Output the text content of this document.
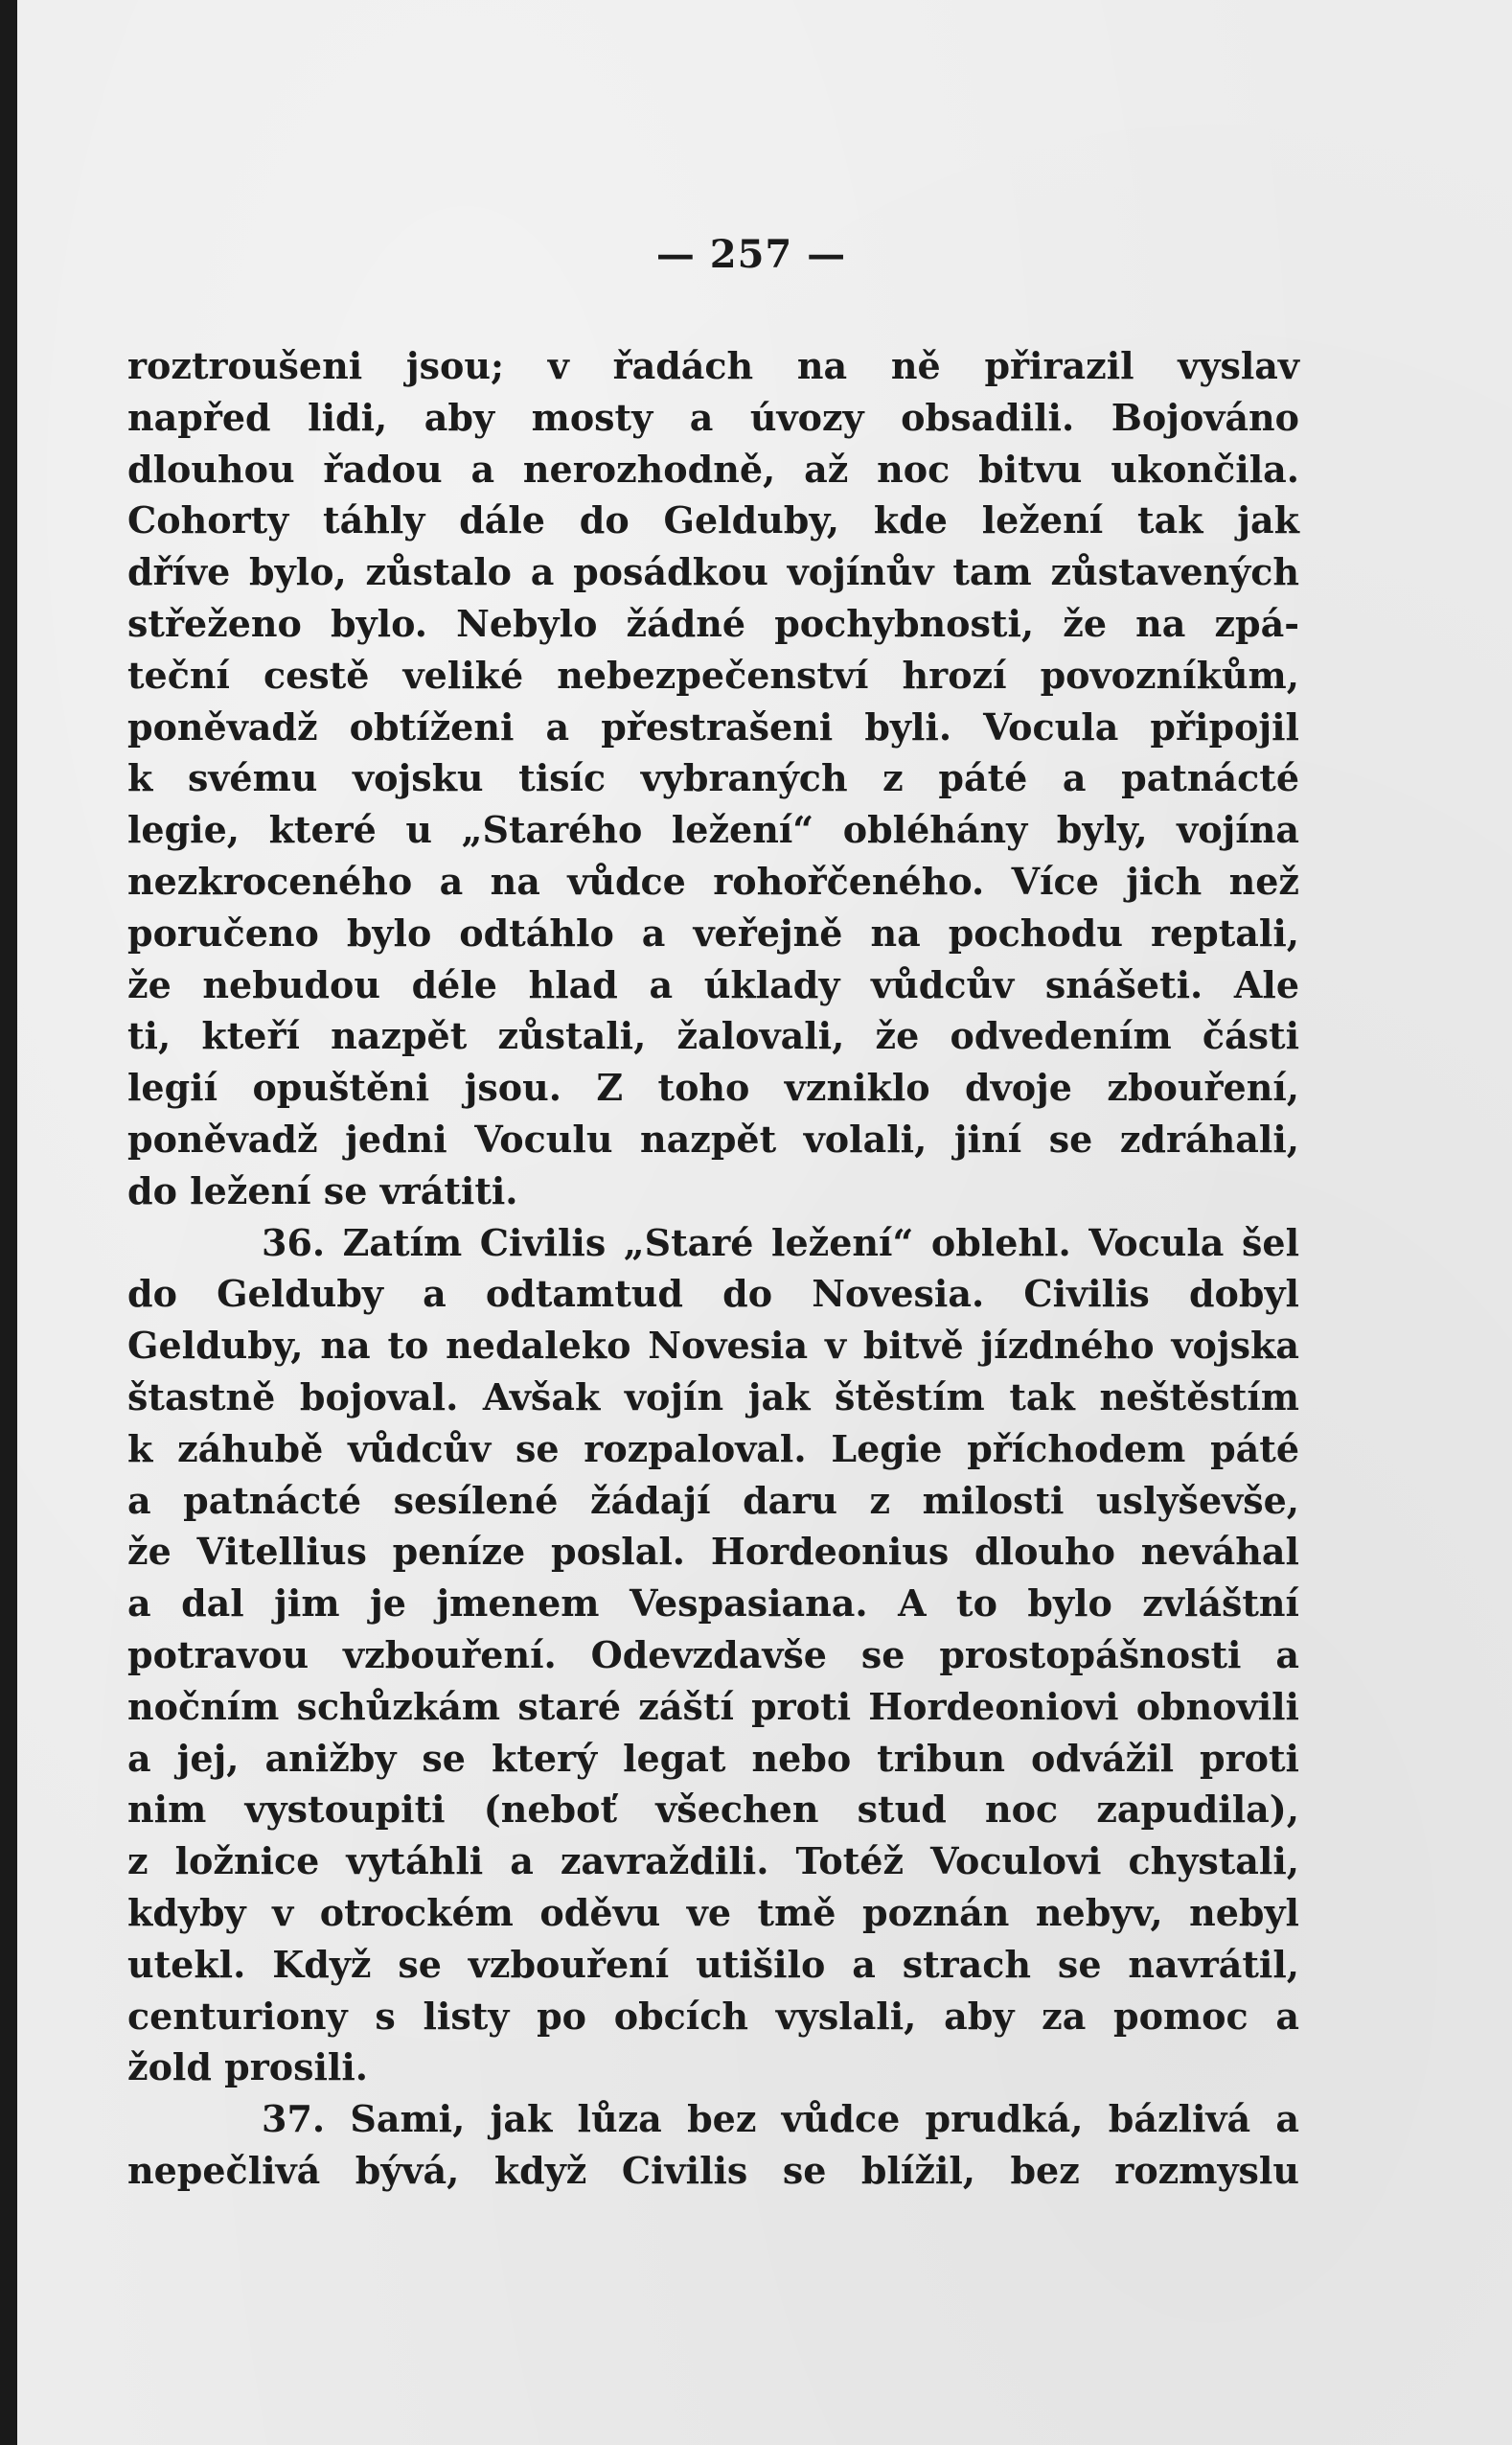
— 257 —
roztroušeni jsou; v řadách na ně přirazil vyslav
napřed lidi, aby mosty a úvozy obsadili. Bojováno
dlouhou řadou a nerozhodně, až noc bitvu ukončila.
Cohorty táhly dále do Gelduby, kde ležení tak jak
dříve bylo, zůstalo a posádkou vojínův tam zůstavených
střeženo bylo. Nebylo žádné pochybnosti, že na zpá-
teční cestě veliké nebezpečenství hrozí povozníkům,
poněvadž obtíženi a přestrašeni byli. Vocula připojil
k svému vojsku tisíc vybraných z páté a patnácté
legie, které u „Starého ležení“ obléhány byly, vojína
nezkroceného a na vůdce rohořčeného. Více jich než
poručeno bylo odtáhlo a veřejně na pochodu reptali,
že nebudou déle hlad a úklady vůdcův snášeti. Ale
ti, kteří nazpět zůstali, žalovali, že odvedením části
legií opuštěni jsou. Z toho vzniklo dvoje zbouření,
poněvadž jedni Voculu nazpět volali, jiní se zdráhali,
do ležení se vrátiti.
36. Zatím Civilis „Staré ležení“ oblehl. Vocula šel
do Gelduby a odtamtud do Novesia. Civilis dobyl
Gelduby, na to nedaleko Novesia v bitvě jízdného vojska
štastně bojoval. Avšak vojín jak štěstím tak neštěstím
k záhubě vůdcův se rozpaloval. Legie příchodem páté
a patnácté sesílené žádají daru z milosti uslyševše,
že Vitellius peníze poslal. Hordeonius dlouho neváhal
a dal jim je jmenem Vespasiana. A to bylo zvláštní
potravou vzbouření. Odevzdavše se prostopášnosti a
nočním schůzkám staré záští proti Hordeoniovi obnovili
a jej, anižby se který legat nebo tribun odvážil proti
nim vystoupiti (neboť všechen stud noc zapudila),
z ložnice vytáhli a zavraždili. Totéž Voculovi chystali,
kdyby v otrockém oděvu ve tmě poznán nebyv, nebyl
utekl. Když se vzbouření utišilo a strach se navrátil,
centuriony s listy po obcích vyslali, aby za pomoc a
žold prosili.
37. Sami, jak lůza bez vůdce prudká, bázlivá a
nepečlivá bývá, když Civilis se blížil, bez rozmyslu
